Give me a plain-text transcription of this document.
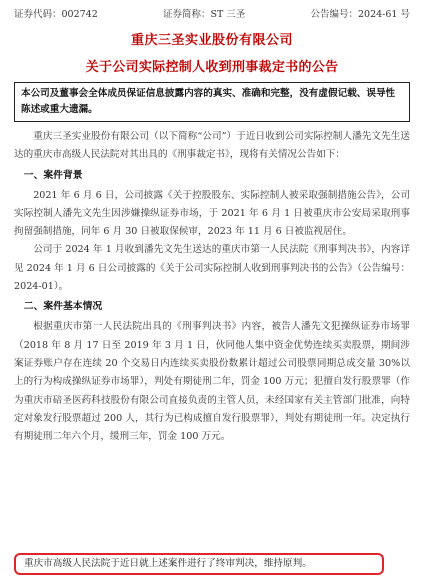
证券代码：002742	证券简称：ST 三圣	公告编号：2024-61 号
重庆三圣实业股份有限公司
关于公司实际控制人收到刑事裁定书的公告
本公司及董事会全体成员保证信息披露内容的真实、准确和完整，没有虚假记载、误导性陈述或重大遗漏。

重庆三圣实业股份有限公司（以下简称“公司”）于近日收到公司实际控制人潘先文先生送达的重庆市高级人民法院对其出具的《刑事裁定书》，现将有关情况公告如下：

一、案件背景

2021 年 6 月 6 日，公司披露《关于控股股东、实际控制人被采取强制措施公告》，公司实际控制人潘先文先生因涉嫌操纵证券市场，于 2021 年 6 月 1 日被重庆市公安局采取刑事拘留强制措施，同年 6 月 30 日被取保候审，2023 年 11 月 6 日被监视居住。

公司于 2024 年 1 月收到潘先文先生送达的重庆市第一人民法院《刑事判决书》，内容详见 2024 年 1 月 6 日公司披露的《关于公司实际控制人收到刑事判决书的公告》（公告编号：2024-01）。

二、案件基本情况

根据重庆市第一人民法院出具的《刑事判决书》内容，被告人潘先文犯操纵证券市场罪（2018 年 8 月 17 日至 2019 年 3 月 1 日，伙同他人集中资金优势连续买卖股票，期间涉案证券账户存在连续 20 个交易日内连续买卖股份数累计超过公司股票同期总成交量 30%以上的行为构成操纵证券市场罪），判处有期徒刑二年，罚金 100 万元；犯擅自发行股票罪（作为重庆市碚圣医药科技股份有限公司直接负责的主管人员，未经国家有关主管部门批准，向特定对象发行股票超过 200 人，其行为已构成擅自发行股票罪），判处有期徒刑一年。决定执行有期徒刑二年六个月，缓刑三年，罚金 100 万元。

重庆市高级人民法院于近日就上述案件进行了终审判决，维持原判。
